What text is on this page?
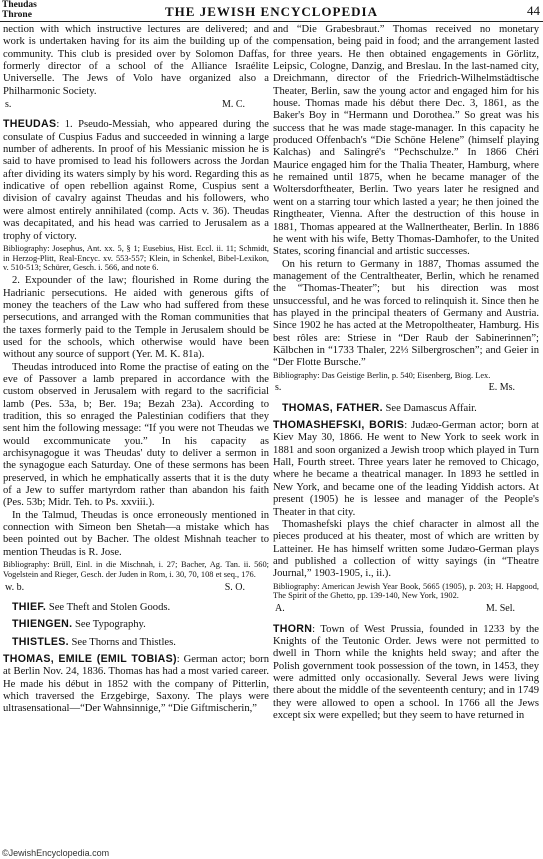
Theudas
Throne	THE JEWISH ENCYCLOPEDIA	44

nection with which instructive lectures are delivered; and work is undertaken having for its aim the building up of the community. This club is presided over by Solomon Daffas, formerly director of a school of the Alliance Israélite Universelle. The Jews of Volo have organized also a Philharmonic Society.

s.	M. C.

THEUDAS: 1. Pseudo-Messiah, who appeared during the consulate of Cuspius Fadus and succeeded in winning a large number of adherents. In proof of his Messianic mission he is said to have promised to lead his followers across the Jordan after dividing its waters simply by his word. Regarding this as indicative of open rebellion against Rome, Cuspius sent a division of cavalry against Theudas and his followers, who were almost entirely annihilated (comp. Acts v. 36). Theudas was decapitated, and his head was carried to Jerusalem as a trophy of victory.

Bibliography: Josephus, Ant. xx. 5, § 1; Eusebius, Hist. Eccl. ii. 11; Schmidt, in Herzog-Plitt, Real-Encyc. xv. 553-557; Klein, in Schenkel, Bibel-Lexikon, v. 510-513; Schürer, Gesch. i. 566, and note 6.

2. Expounder of the law; flourished in Rome during the Hadrianic persecutions. He aided with generous gifts of money the teachers of the Law who had suffered from these persecutions, and arranged with the Roman communities that the taxes formerly paid to the Temple in Jerusalem should be used for the schools, which otherwise would have been without any source of support (Yer. M. K. 81a).

Theudas introduced into Rome the practise of eating on the eve of Passover a lamb prepared in accordance with the custom observed in Jerusalem with regard to the sacrificial lamb (Pes. 53a, b; Ber. 19a; Bezah 23a). According to tradition, this so enraged the Palestinian codifiers that they sent him the following message: “If you were not Theudas we would excommunicate you.” In his capacity as archisynagogue it was Theudas' duty to deliver a sermon in the synagogue each Saturday. One of these sermons has been preserved, in which he emphatically asserts that it is the duty of a Jew to suffer martyrdom rather than abandon his faith (Pes. 53b; Midr. Teh. to Ps. xxviii.).

In the Talmud, Theudas is once erroneously mentioned in connection with Simeon ben Shetah—a mistake which has been pointed out by Bacher. The oldest Mishnah teacher to mention Theudas is R. Jose.

Bibliography: Brüll, Einl. in die Mischnah, i. 27; Bacher, Ag. Tan. ii. 560; Vogelstein and Rieger, Gesch. der Juden in Rom, i. 30, 70, 108 et seq., 176.

w. b.	S. O.

THIEF. See Theft and Stolen Goods.

THIENGEN. See Typography.

THISTLES. See Thorns and Thistles.

THOMAS, EMILE (EMIL TOBIAS): German actor; born at Berlin Nov. 24, 1836. Thomas has had a most varied career. He made his début in 1852 with the company of Pitterlin, which traversed the Erzgebirge, Saxony. The plays were ultrasensational—“Der Wahnsinnige,” “Die Giftmischerin,”

and “Die Grabesbraut.” Thomas received no monetary compensation, being paid in food; and the arrangement lasted for three years. He then obtained engagements in Görlitz, Leipsic, Cologne, Danzig, and Breslau. In the last-named city, Dreichmann, director of the Friedrich-Wilhelmstädtische Theater, Berlin, saw the young actor and engaged him for his house. Thomas made his début there Dec. 3, 1861, as the Baker's Boy in “Hermann und Dorothea.” So great was his success that he was made stage-manager. In this capacity he produced Offenbach's “Die Schöne Helene” (himself playing Kalchas) and Salingré's “Pechschulze.” In 1866 Chéri Maurice engaged him for the Thalia Theater, Hamburg, where he remained until 1875, when he became manager of the Woltersdorftheater, Berlin. Two years later he resigned and went on a starring tour which lasted a year; he then joined the Ringtheater, Vienna. After the destruction of this house in 1881, Thomas appeared at the Wallnertheater, Berlin. In 1886 he went with his wife, Betty Thomas-Damhofer, to the United States, scoring financial and artistic successes.

On his return to Germany in 1887, Thomas assumed the management of the Centraltheater, Berlin, which he renamed the “Thomas-Theater”; but his direction was most unsuccessful, and he was forced to relinquish it. Since then he has played in the principal theaters of Germany and Austria. Since 1902 he has acted at the Metropoltheater, Hamburg. His best rôles are: Striese in “Der Raub der Sabinerinnen”; Kälbchen in “1733 Thaler, 22⅓ Silbergroschen”; and Geier in “Der Flotte Bursche.”

Bibliography: Das Geistige Berlin, p. 540; Eisenberg, Biog. Lex.

s.	E. Ms.

THOMAS, FATHER. See Damascus Affair.

THOMASHEFSKI, BORIS: Judæo-German actor; born at Kiev May 30, 1866. He went to New York to seek work in 1881 and soon organized a Jewish troop which played in Turn Hall, Fourth street. Three years later he removed to Chicago, where he became a theatrical manager. In 1893 he settled in New York, and became one of the leading Yiddish actors. At present (1905) he is lessee and manager of the People's Theater in that city.

Thomashefski plays the chief character in almost all the pieces produced at his theater, most of which are written by Latteiner. He has himself written some Judæo-German plays and published a collection of witty sayings (in “Theatre Journal,” 1903-1905, i., ii.).

Bibliography: American Jewish Year Book, 5665 (1905), p. 203; H. Hapgood, The Spirit of the Ghetto, pp. 139-140, New York, 1902.

A.	M. Sel.

THORN: Town of West Prussia, founded in 1233 by the Knights of the Teutonic Order. Jews were not permitted to dwell in Thorn while the knights held sway; and after the Polish government took possession of the town, in 1453, they were admitted only occasionally. Several Jews were living there about the middle of the seventeenth century; and in 1749 they were allowed to open a school. In 1766 all the Jews except six were expelled; but they seem to have returned in

©JewishEncyclopedia.com
